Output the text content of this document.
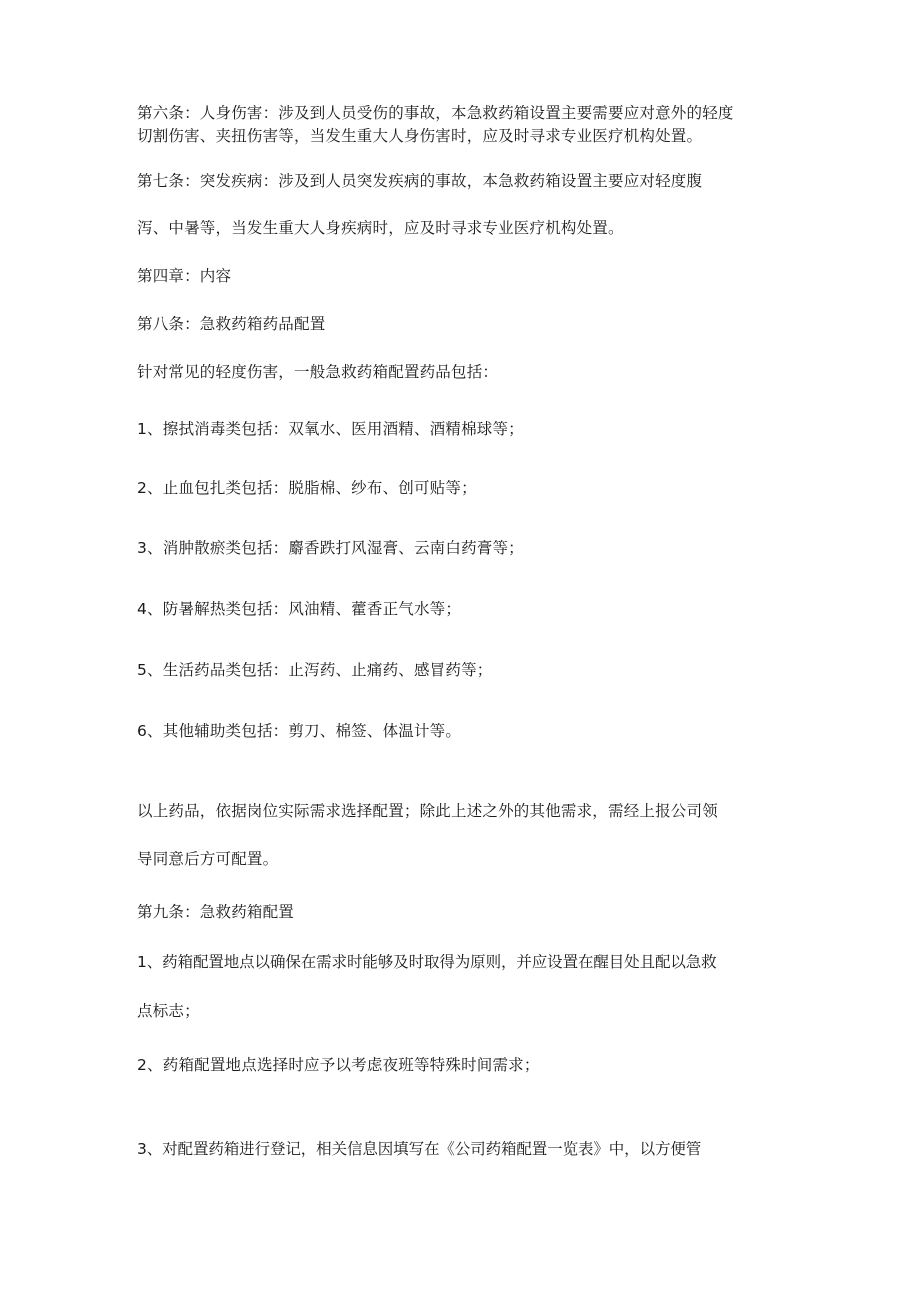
第六条：人身伤害：涉及到人员受伤的事故，本急救药箱设置主要需要应对意外的轻度
切割伤害、夹扭伤害等，当发生重大人身伤害时，应及时寻求专业医疗机构处置。
第七条：突发疾病：涉及到人员突发疾病的事故，本急救药箱设置主要应对轻度腹
泻、中暑等，当发生重大人身疾病时，应及时寻求专业医疗机构处置。
第四章：内容
第八条：急救药箱药品配置
针对常见的轻度伤害，一般急救药箱配置药品包括：
1、擦拭消毒类包括：双氧水、医用酒精、酒精棉球等；
2、止血包扎类包括：脱脂棉、纱布、创可贴等；
3、消肿散瘀类包括：麝香跌打风湿膏、云南白药膏等；
4、防暑解热类包括：风油精、藿香正气水等；
5、生活药品类包括：止泻药、止痛药、感冒药等；
6、其他辅助类包括：剪刀、棉签、体温计等。
以上药品，依据岗位实际需求选择配置；除此上述之外的其他需求，需经上报公司领
导同意后方可配置。
第九条：急救药箱配置
1、药箱配置地点以确保在需求时能够及时取得为原则，并应设置在醒目处且配以急救
点标志；
2、药箱配置地点选择时应予以考虑夜班等特殊时间需求；
3、对配置药箱进行登记，相关信息因填写在《公司药箱配置一览表》中，以方便管
